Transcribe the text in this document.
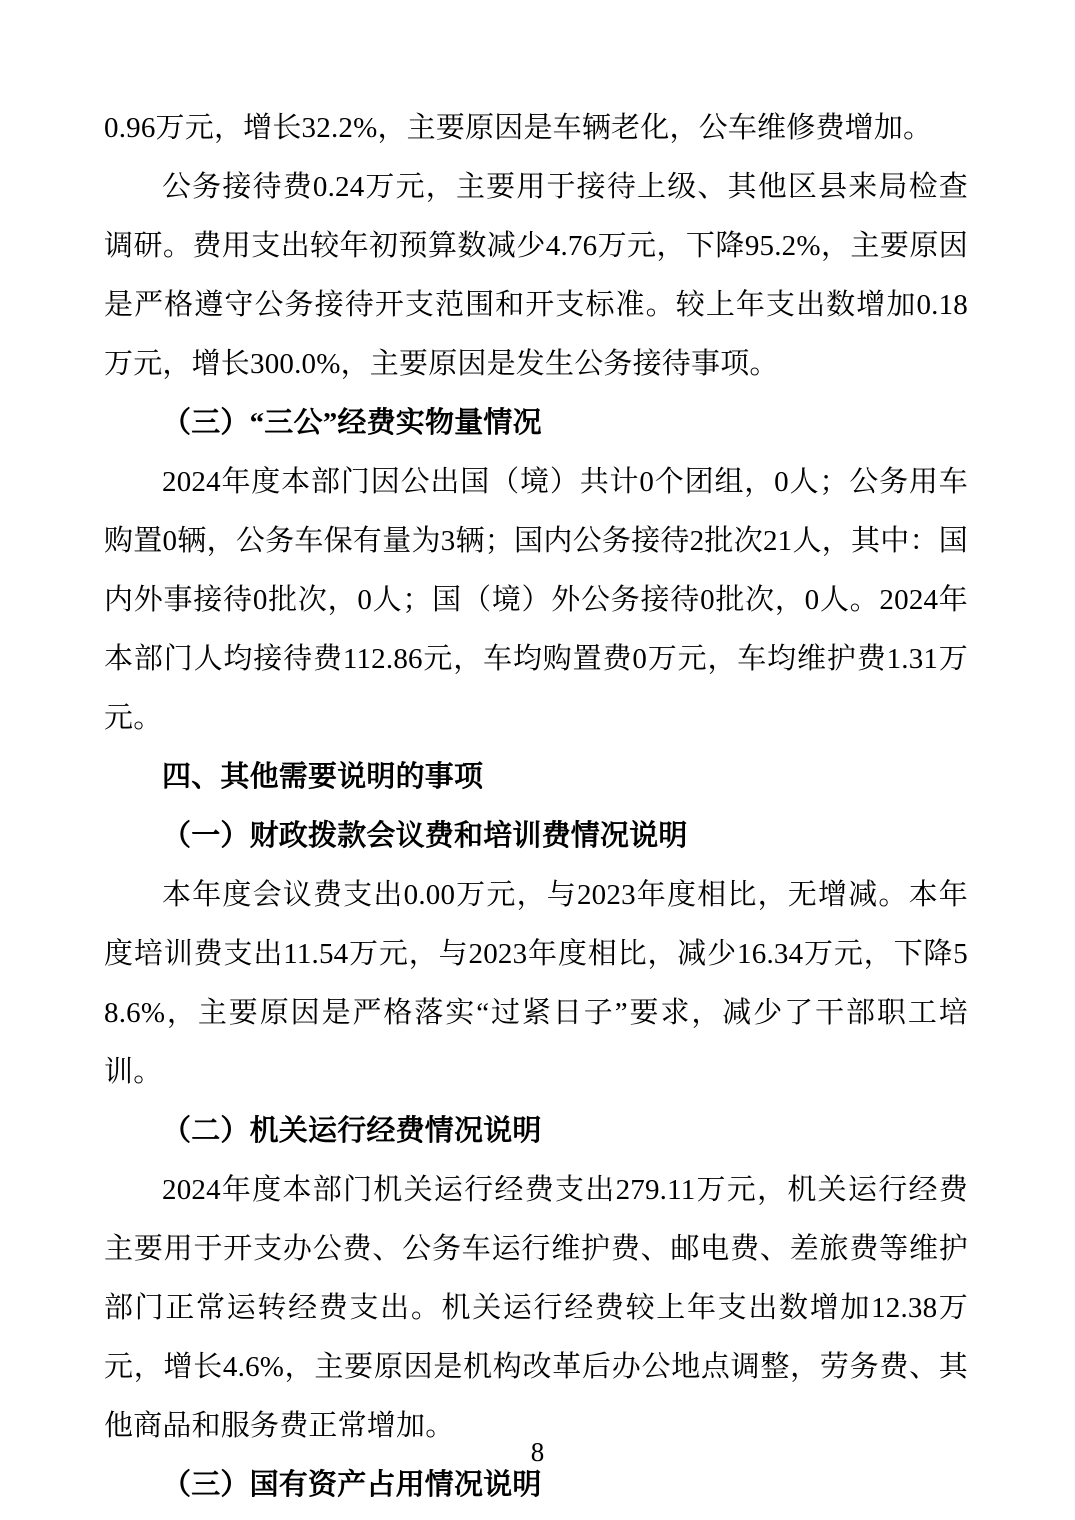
0.96万元，增长32.2%，主要原因是车辆老化，公车维修费增加。

公务接待费0.24万元，主要用于接待上级、其他区县来局检查调研。费用支出较年初预算数减少4.76万元，下降95.2%，主要原因是严格遵守公务接待开支范围和开支标准。较上年支出数增加0.18万元，增长300.0%，主要原因是发生公务接待事项。

（三）“三公”经费实物量情况

2024年度本部门因公出国（境）共计0个团组，0人；公务用车购置0辆，公务车保有量为3辆；国内公务接待2批次21人，其中：国内外事接待0批次，0人；国（境）外公务接待0批次，0人。2024年本部门人均接待费112.86元，车均购置费0万元，车均维护费1.31万元。

四、其他需要说明的事项
（一）财政拨款会议费和培训费情况说明

本年度会议费支出0.00万元，与2023年度相比，无增减。本年度培训费支出11.54万元，与2023年度相比，减少16.34万元，下降58.6%，主要原因是严格落实“过紧日子”要求，减少了干部职工培训。

（二）机关运行经费情况说明

2024年度本部门机关运行经费支出279.11万元，机关运行经费主要用于开支办公费、公务车运行维护费、邮电费、差旅费等维护部门正常运转经费支出。机关运行经费较上年支出数增加12.38万元，增长4.6%，主要原因是机构改革后办公地点调整，劳务费、其他商品和服务费正常增加。

（三）国有资产占用情况说明
8
